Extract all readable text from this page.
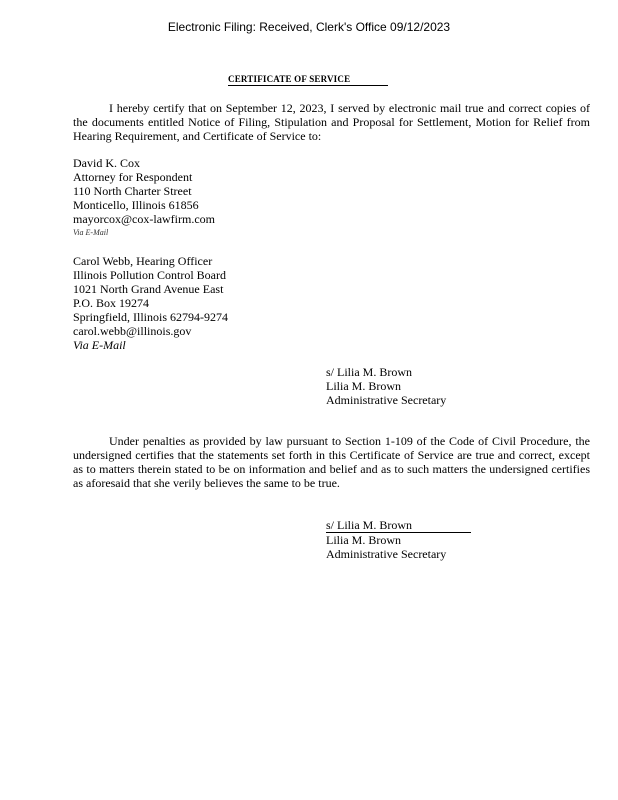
Electronic Filing: Received, Clerk's Office 09/12/2023
CERTIFICATE OF SERVICE
I hereby certify that on September 12, 2023, I served by electronic mail true and correct copies of the documents entitled Notice of Filing, Stipulation and Proposal for Settlement, Motion for Relief from Hearing Requirement, and Certificate of Service to:
David K. Cox
Attorney for Respondent
110 North Charter Street
Monticello, Illinois 61856
mayorcox@cox-lawfirm.com
Via E-Mail
Carol Webb, Hearing Officer
Illinois Pollution Control Board
1021 North Grand Avenue East
P.O. Box 19274
Springfield, Illinois 62794-9274
carol.webb@illinois.gov
Via E-Mail
s/ Lilia M. Brown
Lilia M. Brown
Administrative Secretary
Under penalties as provided by law pursuant to Section 1-109 of the Code of Civil Procedure, the undersigned certifies that the statements set forth in this Certificate of Service are true and correct, except as to matters therein stated to be on information and belief and as to such matters the undersigned certifies as aforesaid that she verily believes the same to be true.
s/ Lilia M. Brown
Lilia M. Brown
Administrative Secretary
